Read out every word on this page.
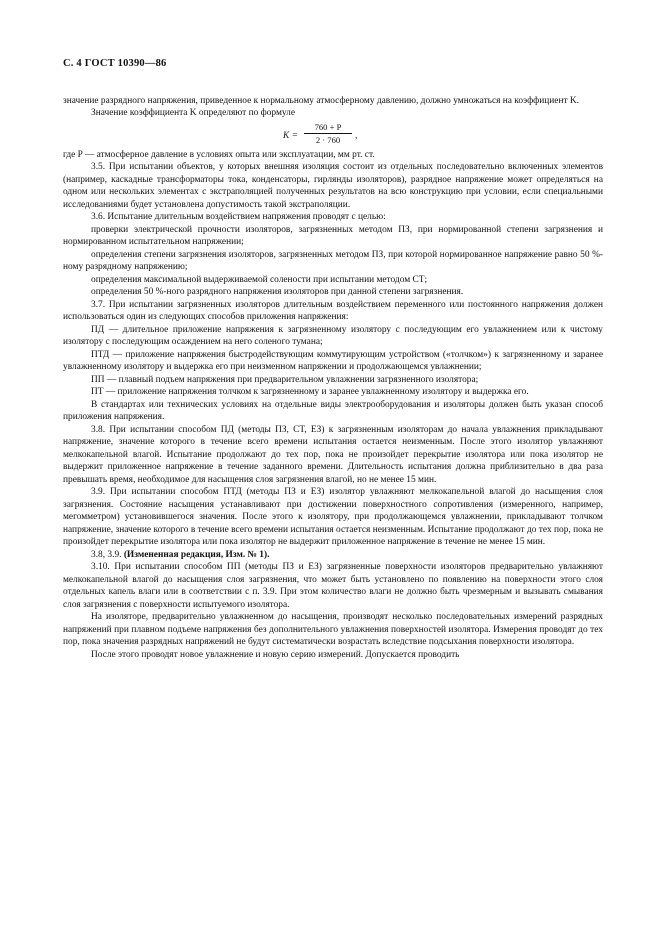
С. 4 ГОСТ 10390—86

значение разрядного напряжения, приведенное к нормальному атмосферному давлению, должно умножаться на коэффициент K.

Значение коэффициента K определяют по формуле

$K = \frac{760 + P}{2 \cdot 760}$ ,

где P — атмосферное давление в условиях опыта или эксплуатации, мм рт. ст.

3.5. При испытании объектов, у которых внешняя изоляция состоит из отдельных последовательно включенных элементов (например, каскадные трансформаторы тока, конденсаторы, гирлянды изоляторов), разрядное напряжение может определяться на одном или нескольких элементах с экстраполяцией полученных результатов на всю конструкцию при условии, если специальными исследованиями будет установлена допустимость такой экстраполяции.

3.6. Испытание длительным воздействием напряжения проводят с целью:

проверки электрической прочности изоляторов, загрязненных методом ПЗ, при нормированной степени загрязнения и нормированном испытательном напряжении;

определения степени загрязнения изоляторов, загрязненных методом ПЗ, при которой нормированное напряжение равно 50 %-ному разрядному напряжению;

определения максимальной выдерживаемой солености при испытании методом СТ;

определения 50 %-ного разрядного напряжения изоляторов при данной степени загрязнения.

3.7. При испытании загрязненных изоляторов длительным воздействием переменного или постоянного напряжения должен использоваться один из следующих способов приложения напряжения:

ПД — длительное приложение напряжения к загрязненному изолятору с последующим его увлажнением или к чистому изолятору с последующим осаждением на него соленого тумана;

ПТД — приложение напряжения быстродействующим коммутирующим устройством («толчком») к загрязненному и заранее увлажненному изолятору и выдержка его при неизменном напряжении и продолжающемся увлажнении;

ПП — плавный подъем напряжения при предварительном увлажнении загрязненного изолятора;

ПТ — приложение напряжения толчком к загрязненному и заранее увлажненному изолятору и выдержка его.

В стандартах или технических условиях на отдельные виды электрооборудования и изоляторы должен быть указан способ приложения напряжения.

3.8. При испытании способом ПД (методы ПЗ, СТ, ЕЗ) к загрязненным изоляторам до начала увлажнения прикладывают напряжение, значение которого в течение всего времени испытания остается неизменным. После этого изолятор увлажняют мелкокапельной влагой. Испытание продолжают до тех пор, пока не произойдет перекрытие изолятора или пока изолятор не выдержит приложенное напряжение в течение заданного времени. Длительность испытания должна приблизительно в два раза превышать время, необходимое для насыщения слоя загрязнения влагой, но не менее 15 мин.

3.9. При испытании способом ПТД (методы ПЗ и ЕЗ) изолятор увлажняют мелкокапельной влагой до насыщения слоя загрязнения. Состояние насыщения устанавливают при достижении поверхностного сопротивления (измеренного, например, мегомметром) установившегося значения. После этого к изолятору, при продолжающемся увлажнении, прикладывают толчком напряжение, значение которого в течение всего времени испытания остается неизменным. Испытание продолжают до тех пор, пока не произойдет перекрытие изолятора или пока изолятор не выдержит приложенное напряжение в течение не менее 15 мин.

3.8, 3.9. (Измененная редакция, Изм. № 1).

3.10. При испытании способом ПП (методы ПЗ и ЕЗ) загрязненные поверхности изоляторов предварительно увлажняют мелкокапельной влагой до насыщения слоя загрязнения, что может быть установлено по появлению на поверхности этого слоя отдельных капель влаги или в соответствии с п. 3.9. При этом количество влаги не должно быть чрезмерным и вызывать смывания слоя загрязнения с поверхности испытуемого изолятора.

На изоляторе, предварительно увлажненном до насыщения, производят несколько последовательных измерений разрядных напряжений при плавном подъеме напряжения без дополнительного увлажнения поверхностей изолятора. Измерения проводят до тех пор, пока значения разрядных напряжений не будут систематически возрастать вследствие подсыхания поверхности изолятора.

После этого проводят новое увлажнение и новую серию измерений. Допускается проводить
